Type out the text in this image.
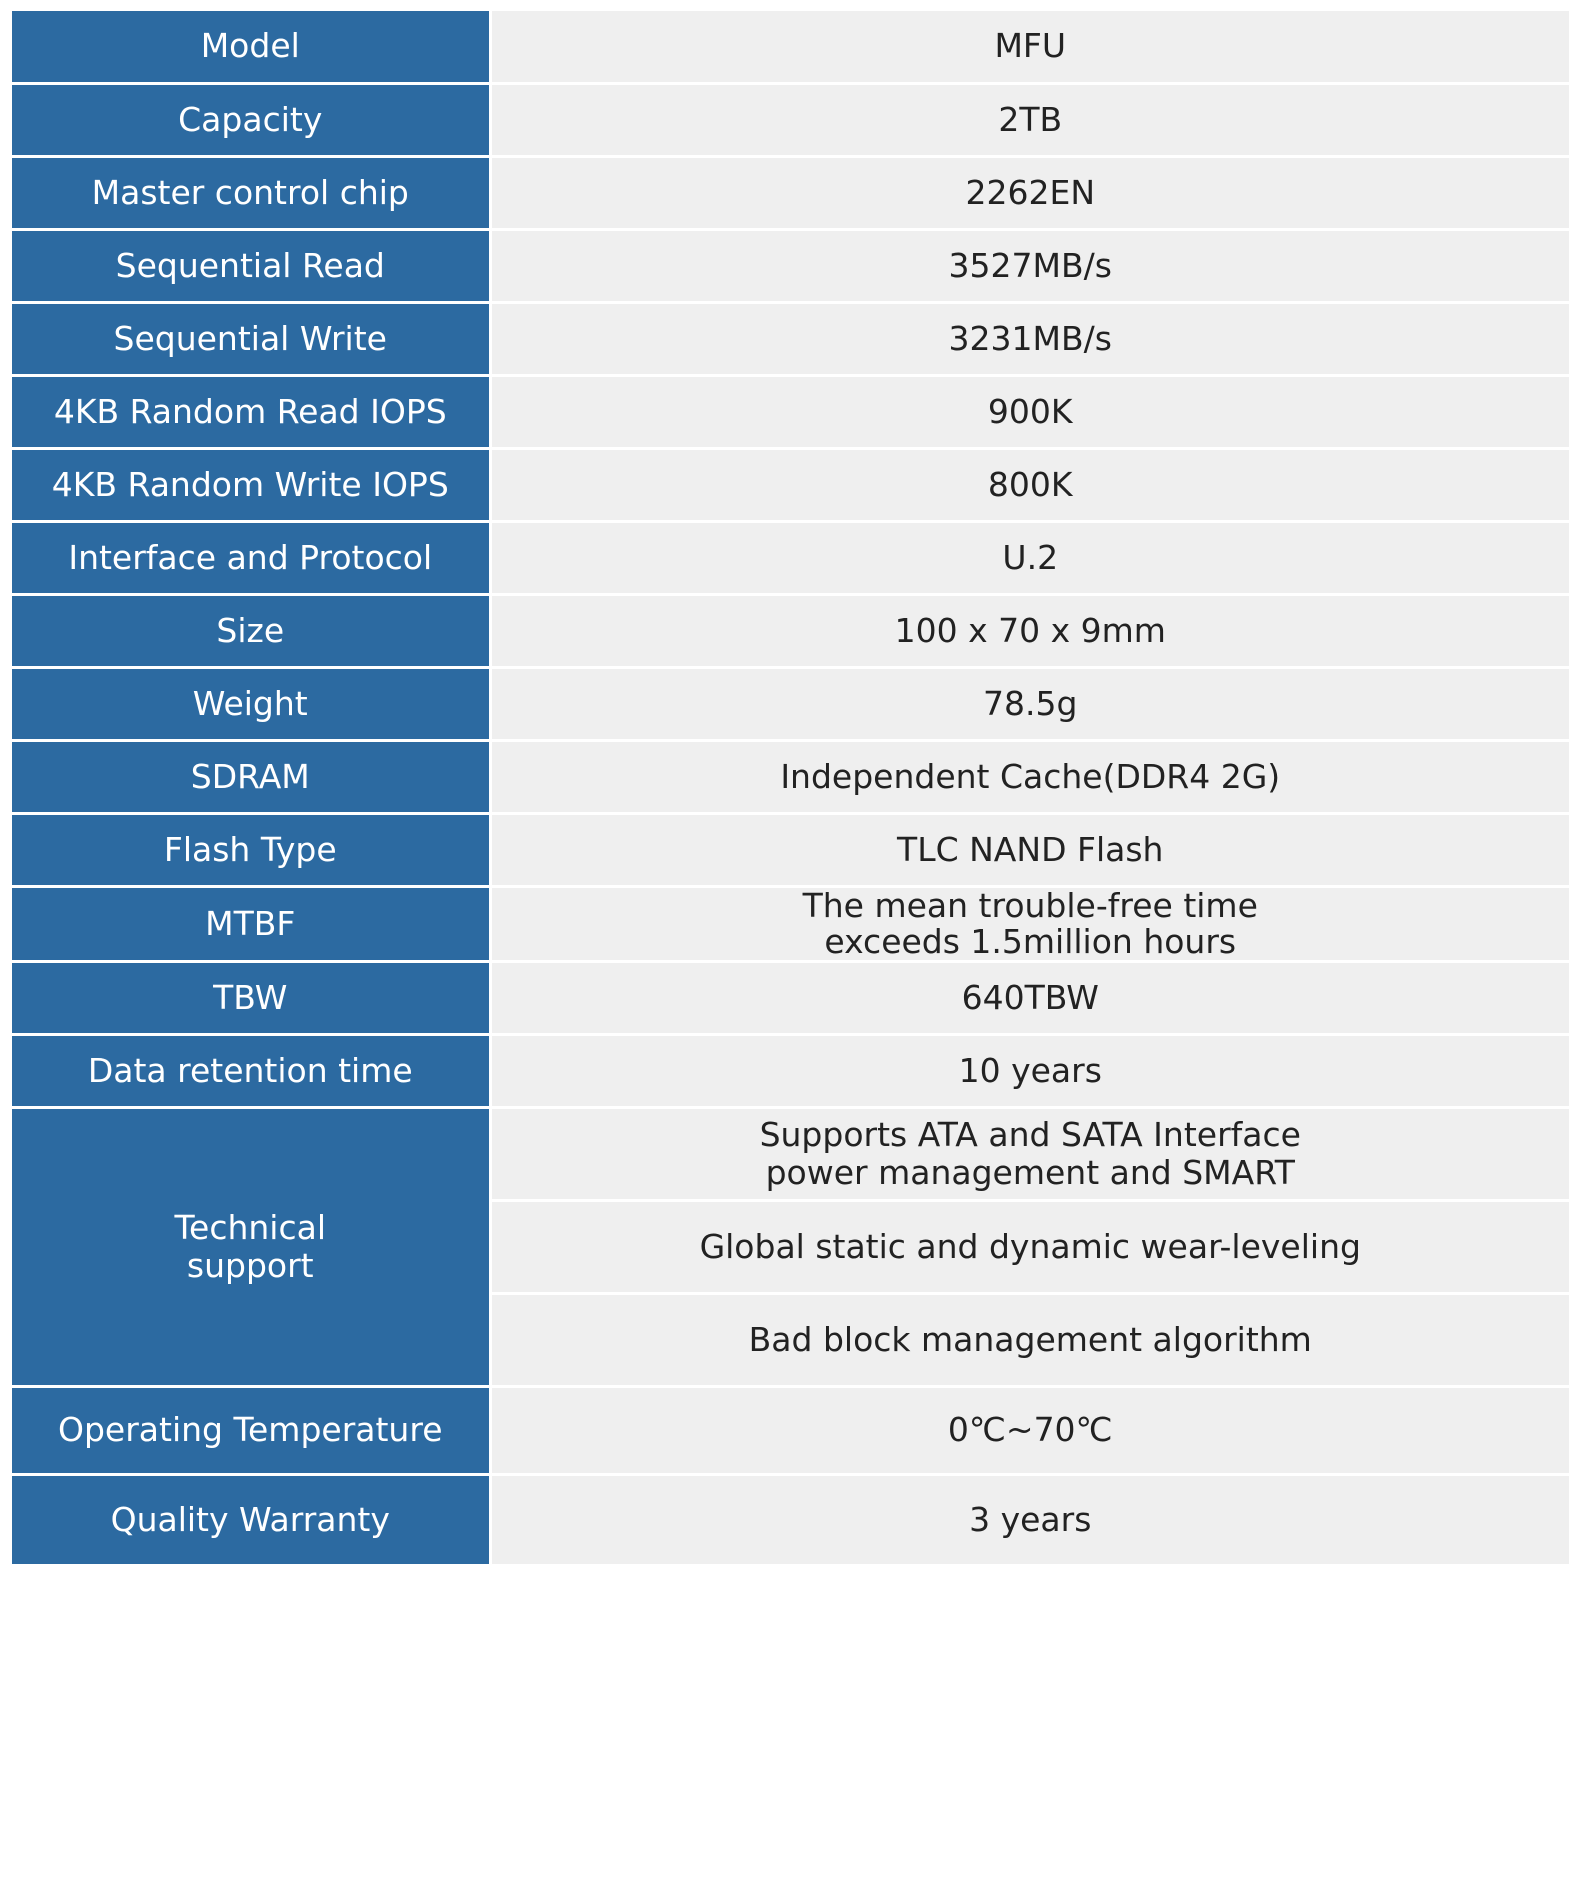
Model	MFU
Capacity	2TB
Master control chip	2262EN
Sequential Read	3527MB/s
Sequential Write	3231MB/s
4KB Random Read IOPS	900K
4KB Random Write IOPS	800K
Interface and Protocol	U.2
Size	100 x 70 x 9mm
Weight	78.5g
SDRAM	Independent Cache(DDR4 2G)
Flash Type	TLC NAND Flash
MTBF	The mean trouble-free time
exceeds 1.5million hours

TBW	640TBW
Data retention time	10 years

Technical
support	Supports ATA and SATA Interface
power management and SMART

	Global static and dynamic wear-leveling
	Bad block management algorithm
Operating Temperature	0℃~70℃
Quality Warranty	3 years
